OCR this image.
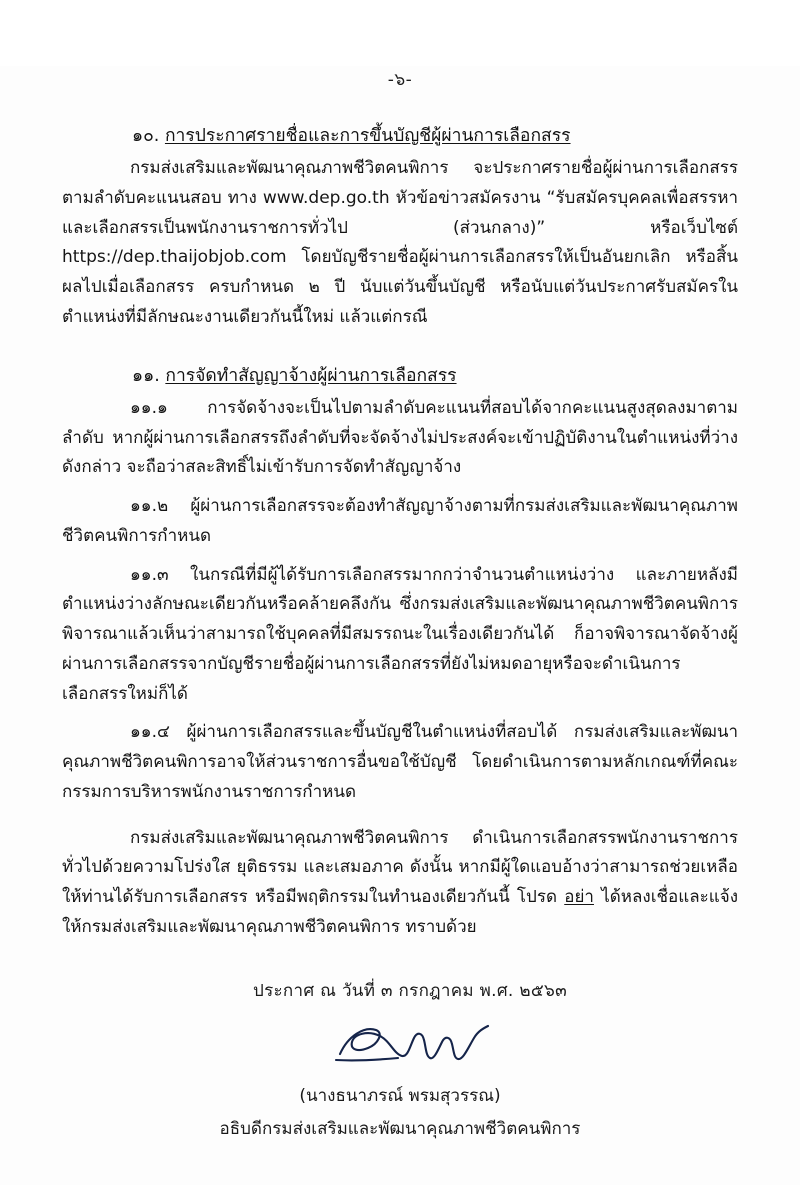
-๖-
๑๐. การประกาศรายชื่อและการขึ้นบัญชีผู้ผ่านการเลือกสรร

กรมส่งเสริมและพัฒนาคุณภาพชีวิตคนพิการ จะประกาศรายชื่อผู้ผ่านการเลือกสรรตามลำดับคะแนนสอบ ทาง www.dep.go.th หัวข้อข่าวสมัครงาน “รับสมัครบุคคลเพื่อสรรหาและเลือกสรรเป็นพนักงานราชการทั่วไป (ส่วนกลาง)” หรือเว็บไซต์ https://dep.thaijobjob.com โดยบัญชีรายชื่อผู้ผ่านการเลือกสรรให้เป็นอันยกเลิก หรือสิ้นผลไปเมื่อเลือกสรร ครบกำหนด ๒ ปี นับแต่วันขึ้นบัญชี หรือนับแต่วันประกาศรับสมัครในตำแหน่งที่มีลักษณะงานเดียวกันนี้ใหม่ แล้วแต่กรณี

๑๑. การจัดทำสัญญาจ้างผู้ผ่านการเลือกสรร

๑๑.๑ การจัดจ้างจะเป็นไปตามลำดับคะแนนที่สอบได้จากคะแนนสูงสุดลงมาตามลำดับ หากผู้ผ่านการเลือกสรรถึงลำดับที่จะจัดจ้างไม่ประสงค์จะเข้าปฏิบัติงานในตำแหน่งที่ว่างดังกล่าว จะถือว่าสละสิทธิ์ไม่เข้ารับการจัดทำสัญญาจ้าง

๑๑.๒ ผู้ผ่านการเลือกสรรจะต้องทำสัญญาจ้างตามที่กรมส่งเสริมและพัฒนาคุณภาพชีวิตคนพิการกำหนด

๑๑.๓ ในกรณีที่มีผู้ได้รับการเลือกสรรมากกว่าจำนวนตำแหน่งว่าง และภายหลังมีตำแหน่งว่างลักษณะเดียวกันหรือคล้ายคลึงกัน ซึ่งกรมส่งเสริมและพัฒนาคุณภาพชีวิตคนพิการ พิจารณาแล้วเห็นว่าสามารถใช้บุคคลที่มีสมรรถนะในเรื่องเดียวกันได้ ก็อาจพิจารณาจัดจ้างผู้ผ่านการเลือกสรรจากบัญชีรายชื่อผู้ผ่านการเลือกสรรที่ยังไม่หมดอายุหรือจะดำเนินการเลือกสรรใหม่ก็ได้

๑๑.๔ ผู้ผ่านการเลือกสรรและขึ้นบัญชีในตำแหน่งที่สอบได้ กรมส่งเสริมและพัฒนาคุณภาพชีวิตคนพิการอาจให้ส่วนราชการอื่นขอใช้บัญชี โดยดำเนินการตามหลักเกณฑ์ที่คณะกรรมการบริหารพนักงานราชการกำหนด

กรมส่งเสริมและพัฒนาคุณภาพชีวิตคนพิการ ดำเนินการเลือกสรรพนักงานราชการทั่วไปด้วยความโปร่งใส ยุติธรรม และเสมอภาค ดังนั้น หากมีผู้ใดแอบอ้างว่าสามารถช่วยเหลือให้ท่านได้รับการเลือกสรร หรือมีพฤติกรรมในทำนองเดียวกันนี้ โปรด อย่า ได้หลงเชื่อและแจ้งให้กรมส่งเสริมและพัฒนาคุณภาพชีวิตคนพิการ ทราบด้วย

ประกาศ ณ วันที่ ๓ กรกฎาคม พ.ศ. ๒๕๖๓
(นางธนาภรณ์ พรมสุวรรณ)
อธิบดีกรมส่งเสริมและพัฒนาคุณภาพชีวิตคนพิการ
